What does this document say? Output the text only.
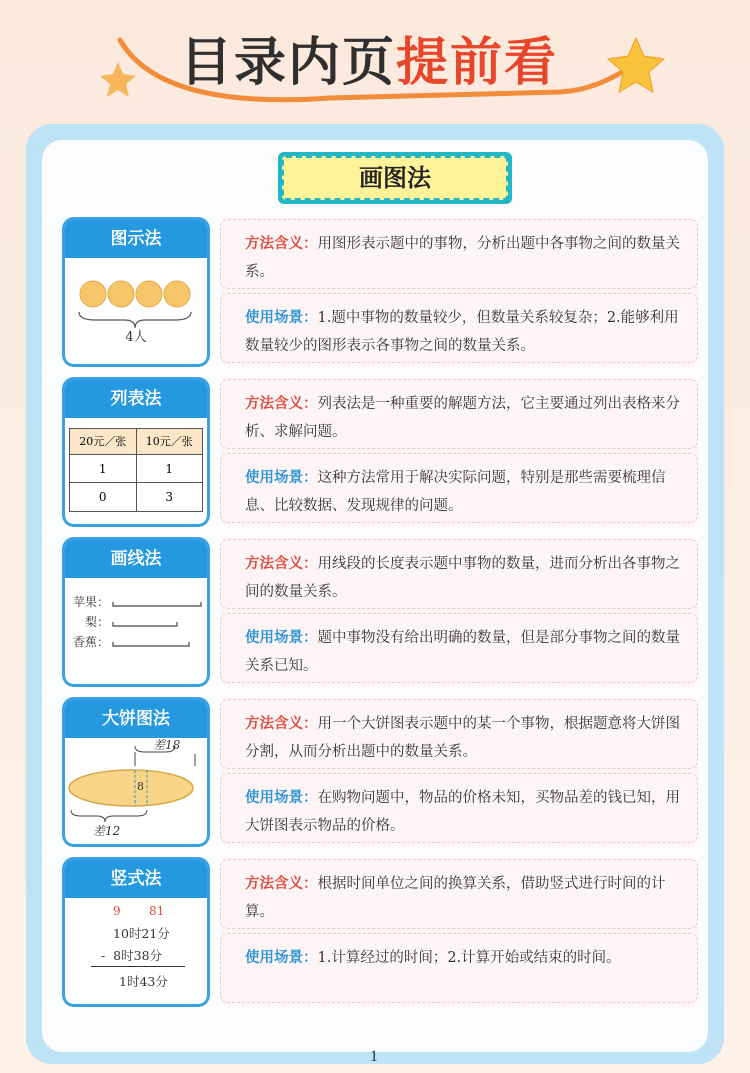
目录内页提前看
画图法
图示法
4人
方法含义：用图形表示题中的事物，分析出题中各事物之间的数量关系。
使用场景：1.题中事物的数量较少，但数量关系较复杂；2.能够利用数量较少的图形表示各事物之间的数量关系。
列表法
20元／张	10元／张
1	1
0	3
方法含义：列表法是一种重要的解题方法，它主要通过列出表格来分析、求解问题。
使用场景：这种方法常用于解决实际问题，特别是那些需要梳理信息、比较数据、发现规律的问题。
画线法
苹果：
梨：
香蕉：
方法含义：用线段的长度表示题中事物的数量，进而分析出各事物之间的数量关系。
使用场景：题中事物没有给出明确的数量，但是部分事物之间的数量关系已知。
大饼图法
差18
8
差12
方法含义：用一个大饼图表示题中的某一个事物，根据题意将大饼图分割，从而分析出题中的数量关系。
使用场景：在购物问题中，物品的价格未知，买物品差的钱已知，用大饼图表示物品的价格。
竖式法
9 81
10时21分
-  8时38分
1时43分
方法含义：根据时间单位之间的换算关系，借助竖式进行时间的计算。
使用场景：1.计算经过的时间；2.计算开始或结束的时间。
1
